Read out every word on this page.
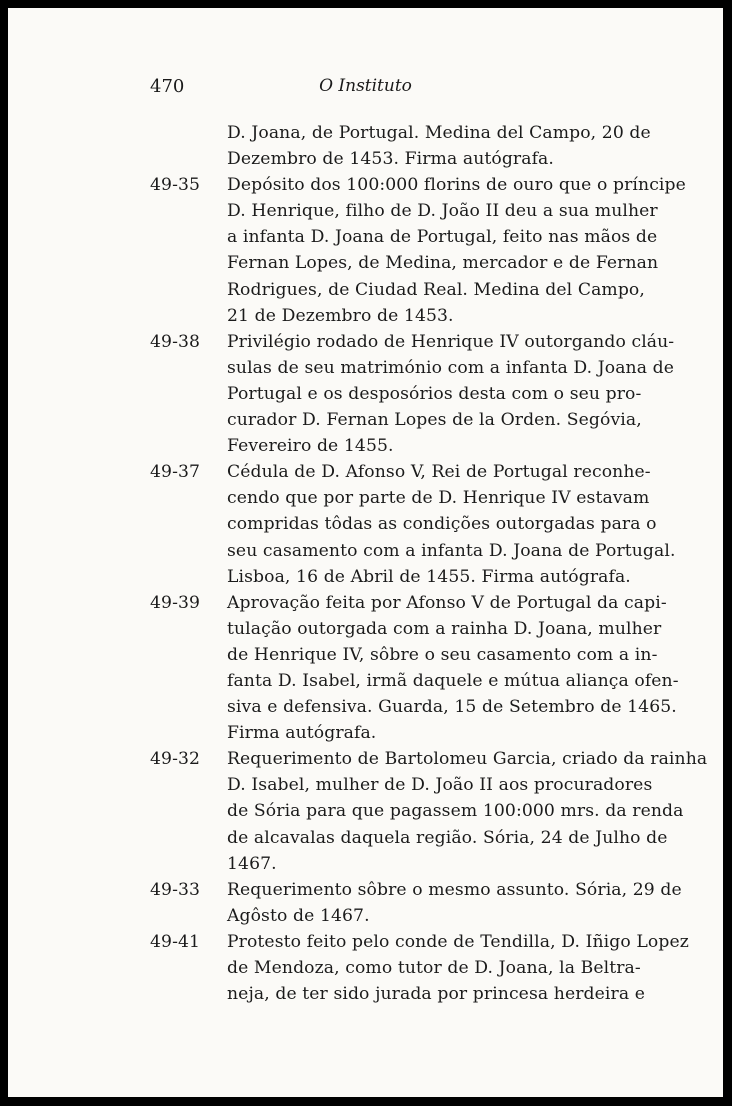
470	O Instituto
D. Joana, de Portugal. Medina del Campo, 20 de
Dezembro de 1453. Firma autógrafa.
49-35 Depósito dos 100:000 florins de ouro que o príncipe
D. Henrique, filho de D. João II deu a sua mulher
a infanta D. Joana de Portugal, feito nas mãos de
Fernan Lopes, de Medina, mercador e de Fernan
Rodrigues, de Ciudad Real. Medina del Campo,
21 de Dezembro de 1453.
49-38 Privilégio rodado de Henrique IV outorgando cláu-
sulas de seu matrimónio com a infanta D. Joana de
Portugal e os desposórios desta com o seu pro-
curador D. Fernan Lopes de la Orden. Segóvia,
Fevereiro de 1455.
49-37 Cédula de D. Afonso V, Rei de Portugal reconhe-
cendo que por parte de D. Henrique IV estavam
compridas tôdas as condições outorgadas para o
seu casamento com a infanta D. Joana de Portugal.
Lisboa, 16 de Abril de 1455. Firma autógrafa.
49-39 Aprovação feita por Afonso V de Portugal da capi-
tulação outorgada com a rainha D. Joana, mulher
de Henrique IV, sôbre o seu casamento com a in-
fanta D. Isabel, irmã daquele e mútua aliança ofen-
siva e defensiva. Guarda, 15 de Setembro de 1465.
Firma autógrafa.
49-32 Requerimento de Bartolomeu Garcia, criado da rainha
D. Isabel, mulher de D. João II aos procuradores
de Sória para que pagassem 100:000 mrs. da renda
de alcavalas daquela região. Sória, 24 de Julho de
1467.
49-33 Requerimento sôbre o mesmo assunto. Sória, 29 de
Agôsto de 1467.
49-41 Protesto feito pelo conde de Tendilla, D. Iñigo Lopez
de Mendoza, como tutor de D. Joana, la Beltra-
neja, de ter sido jurada por princesa herdeira e
